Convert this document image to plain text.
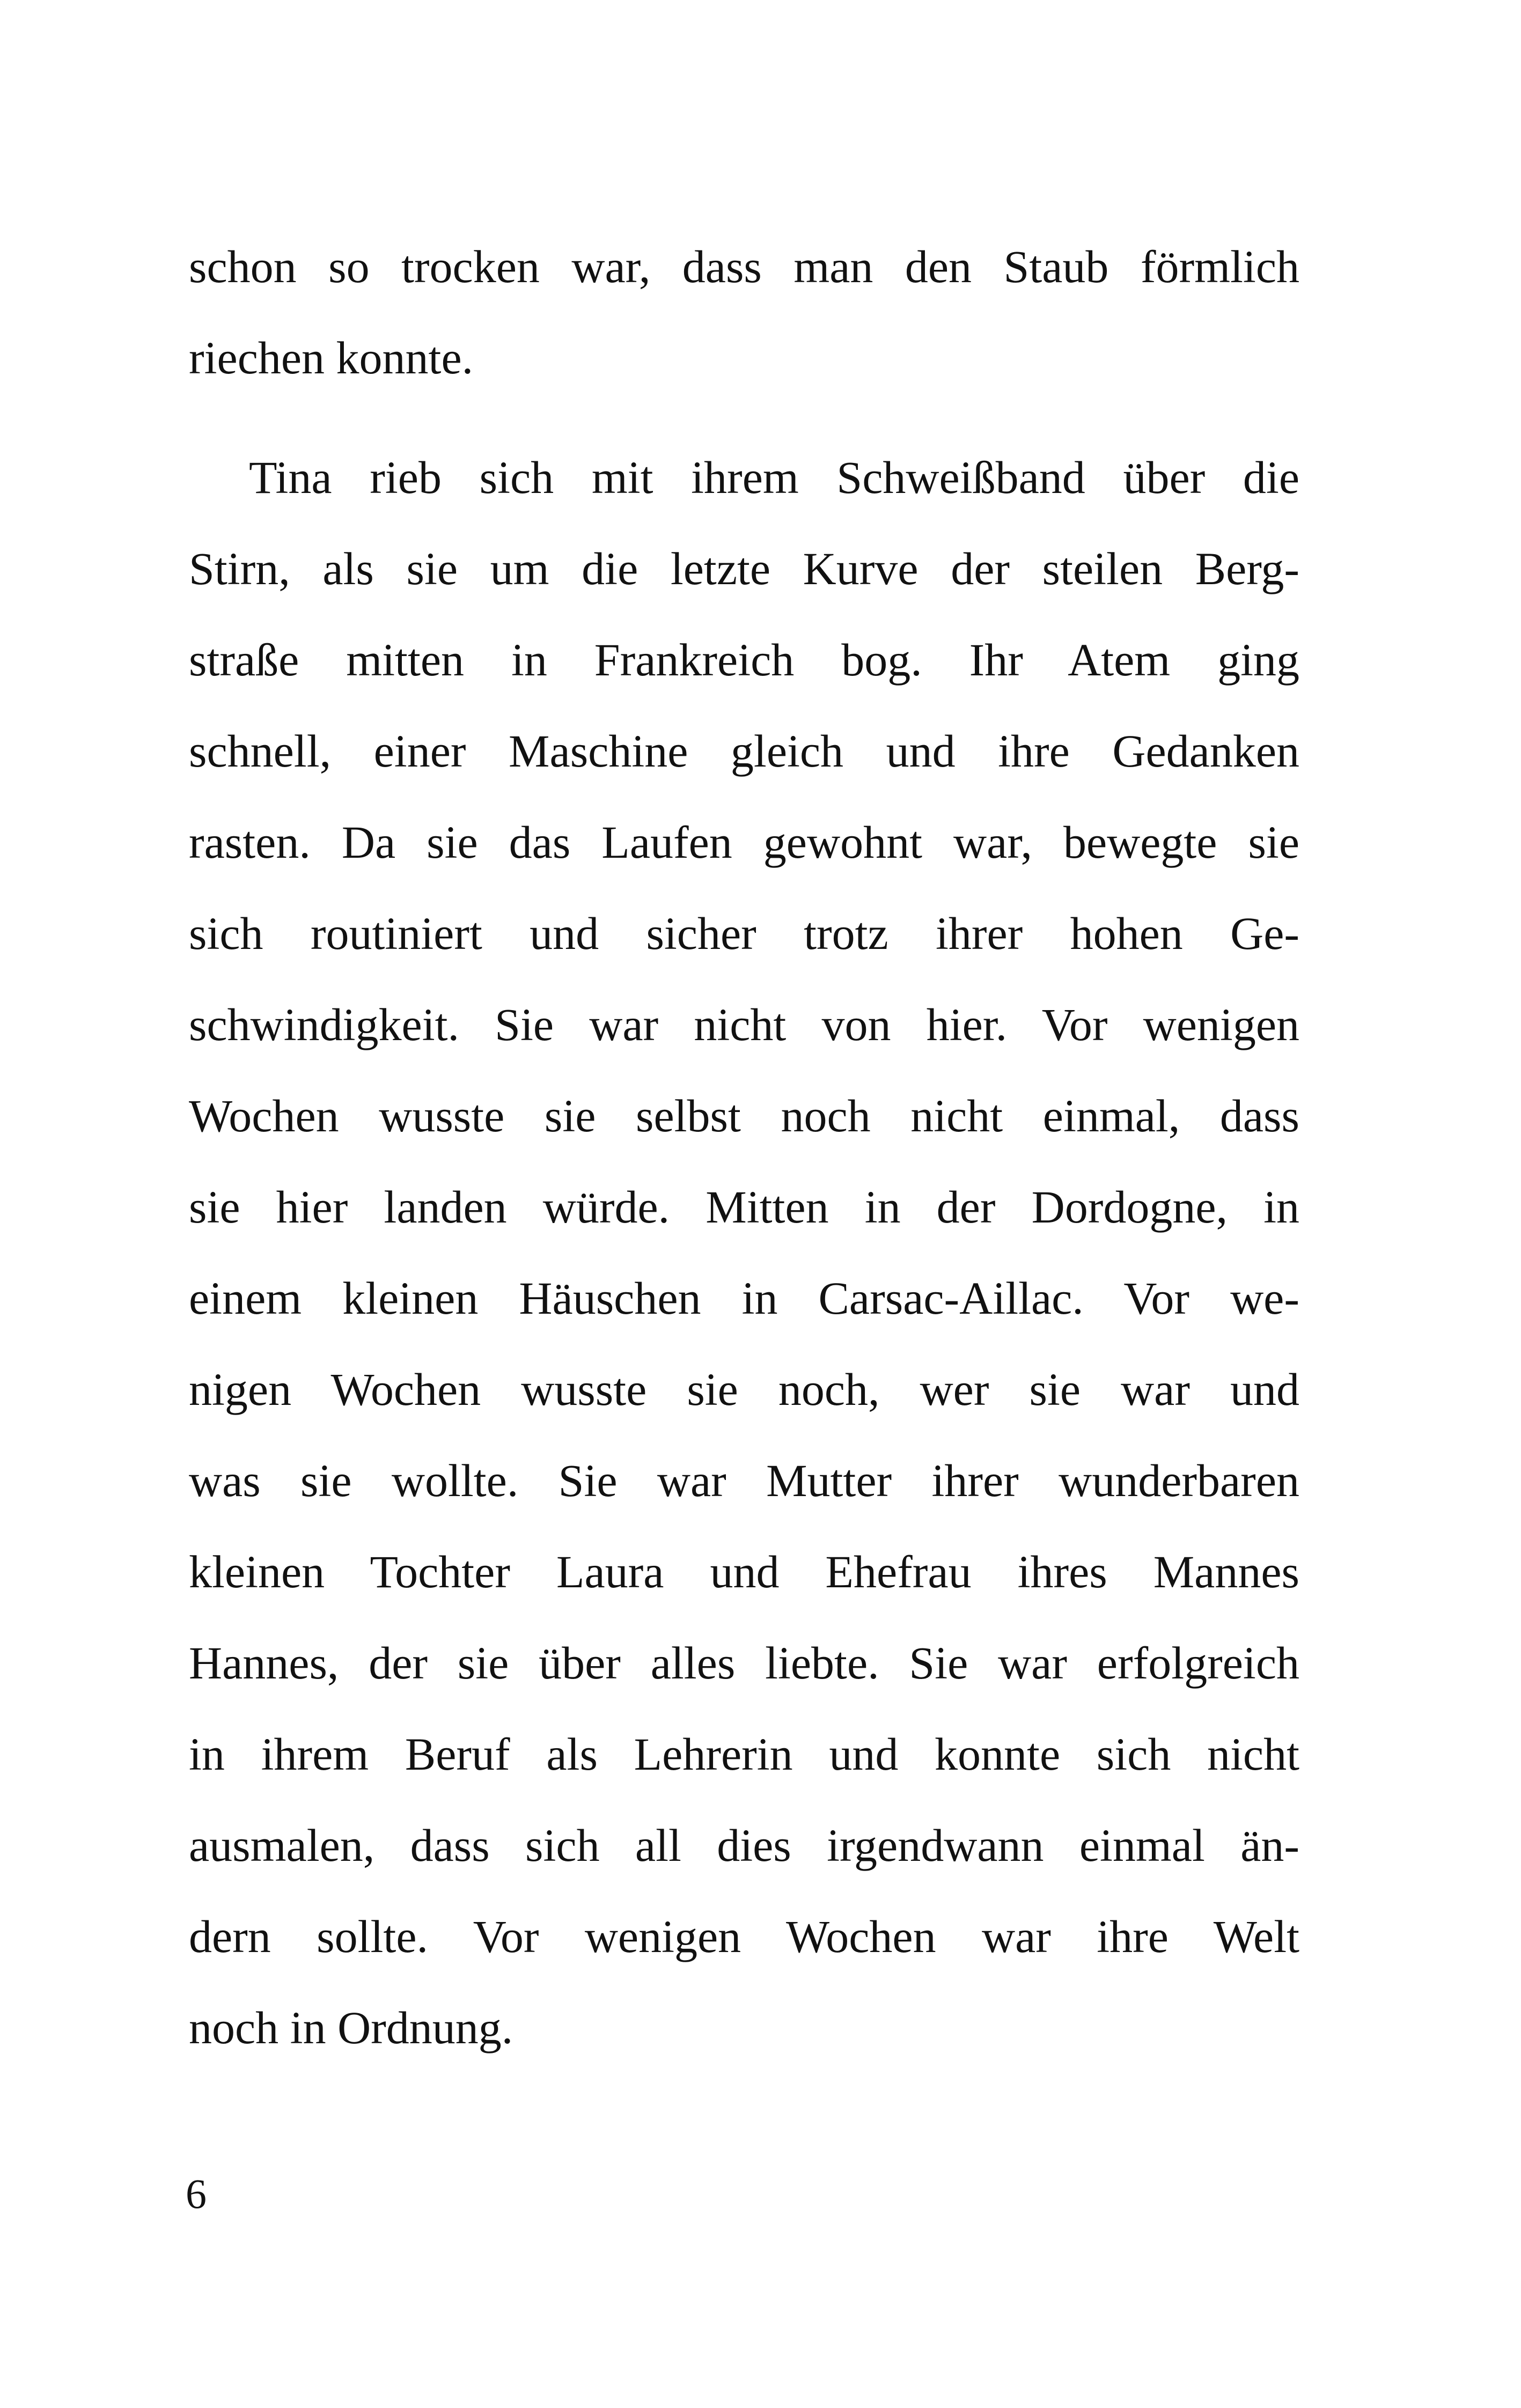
schon so trocken war, dass man den Staub förmlich
riechen konnte.
Tina rieb sich mit ihrem Schweißband über die
Stirn, als sie um die letzte Kurve der steilen Berg-
straße mitten in Frankreich bog. Ihr Atem ging
schnell, einer Maschine gleich und ihre Gedanken
rasten. Da sie das Laufen gewohnt war, bewegte sie
sich routiniert und sicher trotz ihrer hohen Ge-
schwindigkeit. Sie war nicht von hier. Vor wenigen
Wochen wusste sie selbst noch nicht einmal, dass
sie hier landen würde. Mitten in der Dordogne, in
einem kleinen Häuschen in Carsac-Aillac. Vor we-
nigen Wochen wusste sie noch, wer sie war und
was sie wollte. Sie war Mutter ihrer wunderbaren
kleinen Tochter Laura und Ehefrau ihres Mannes
Hannes, der sie über alles liebte. Sie war erfolgreich
in ihrem Beruf als Lehrerin und konnte sich nicht
ausmalen, dass sich all dies irgendwann einmal än-
dern sollte. Vor wenigen Wochen war ihre Welt
noch in Ordnung.
6
